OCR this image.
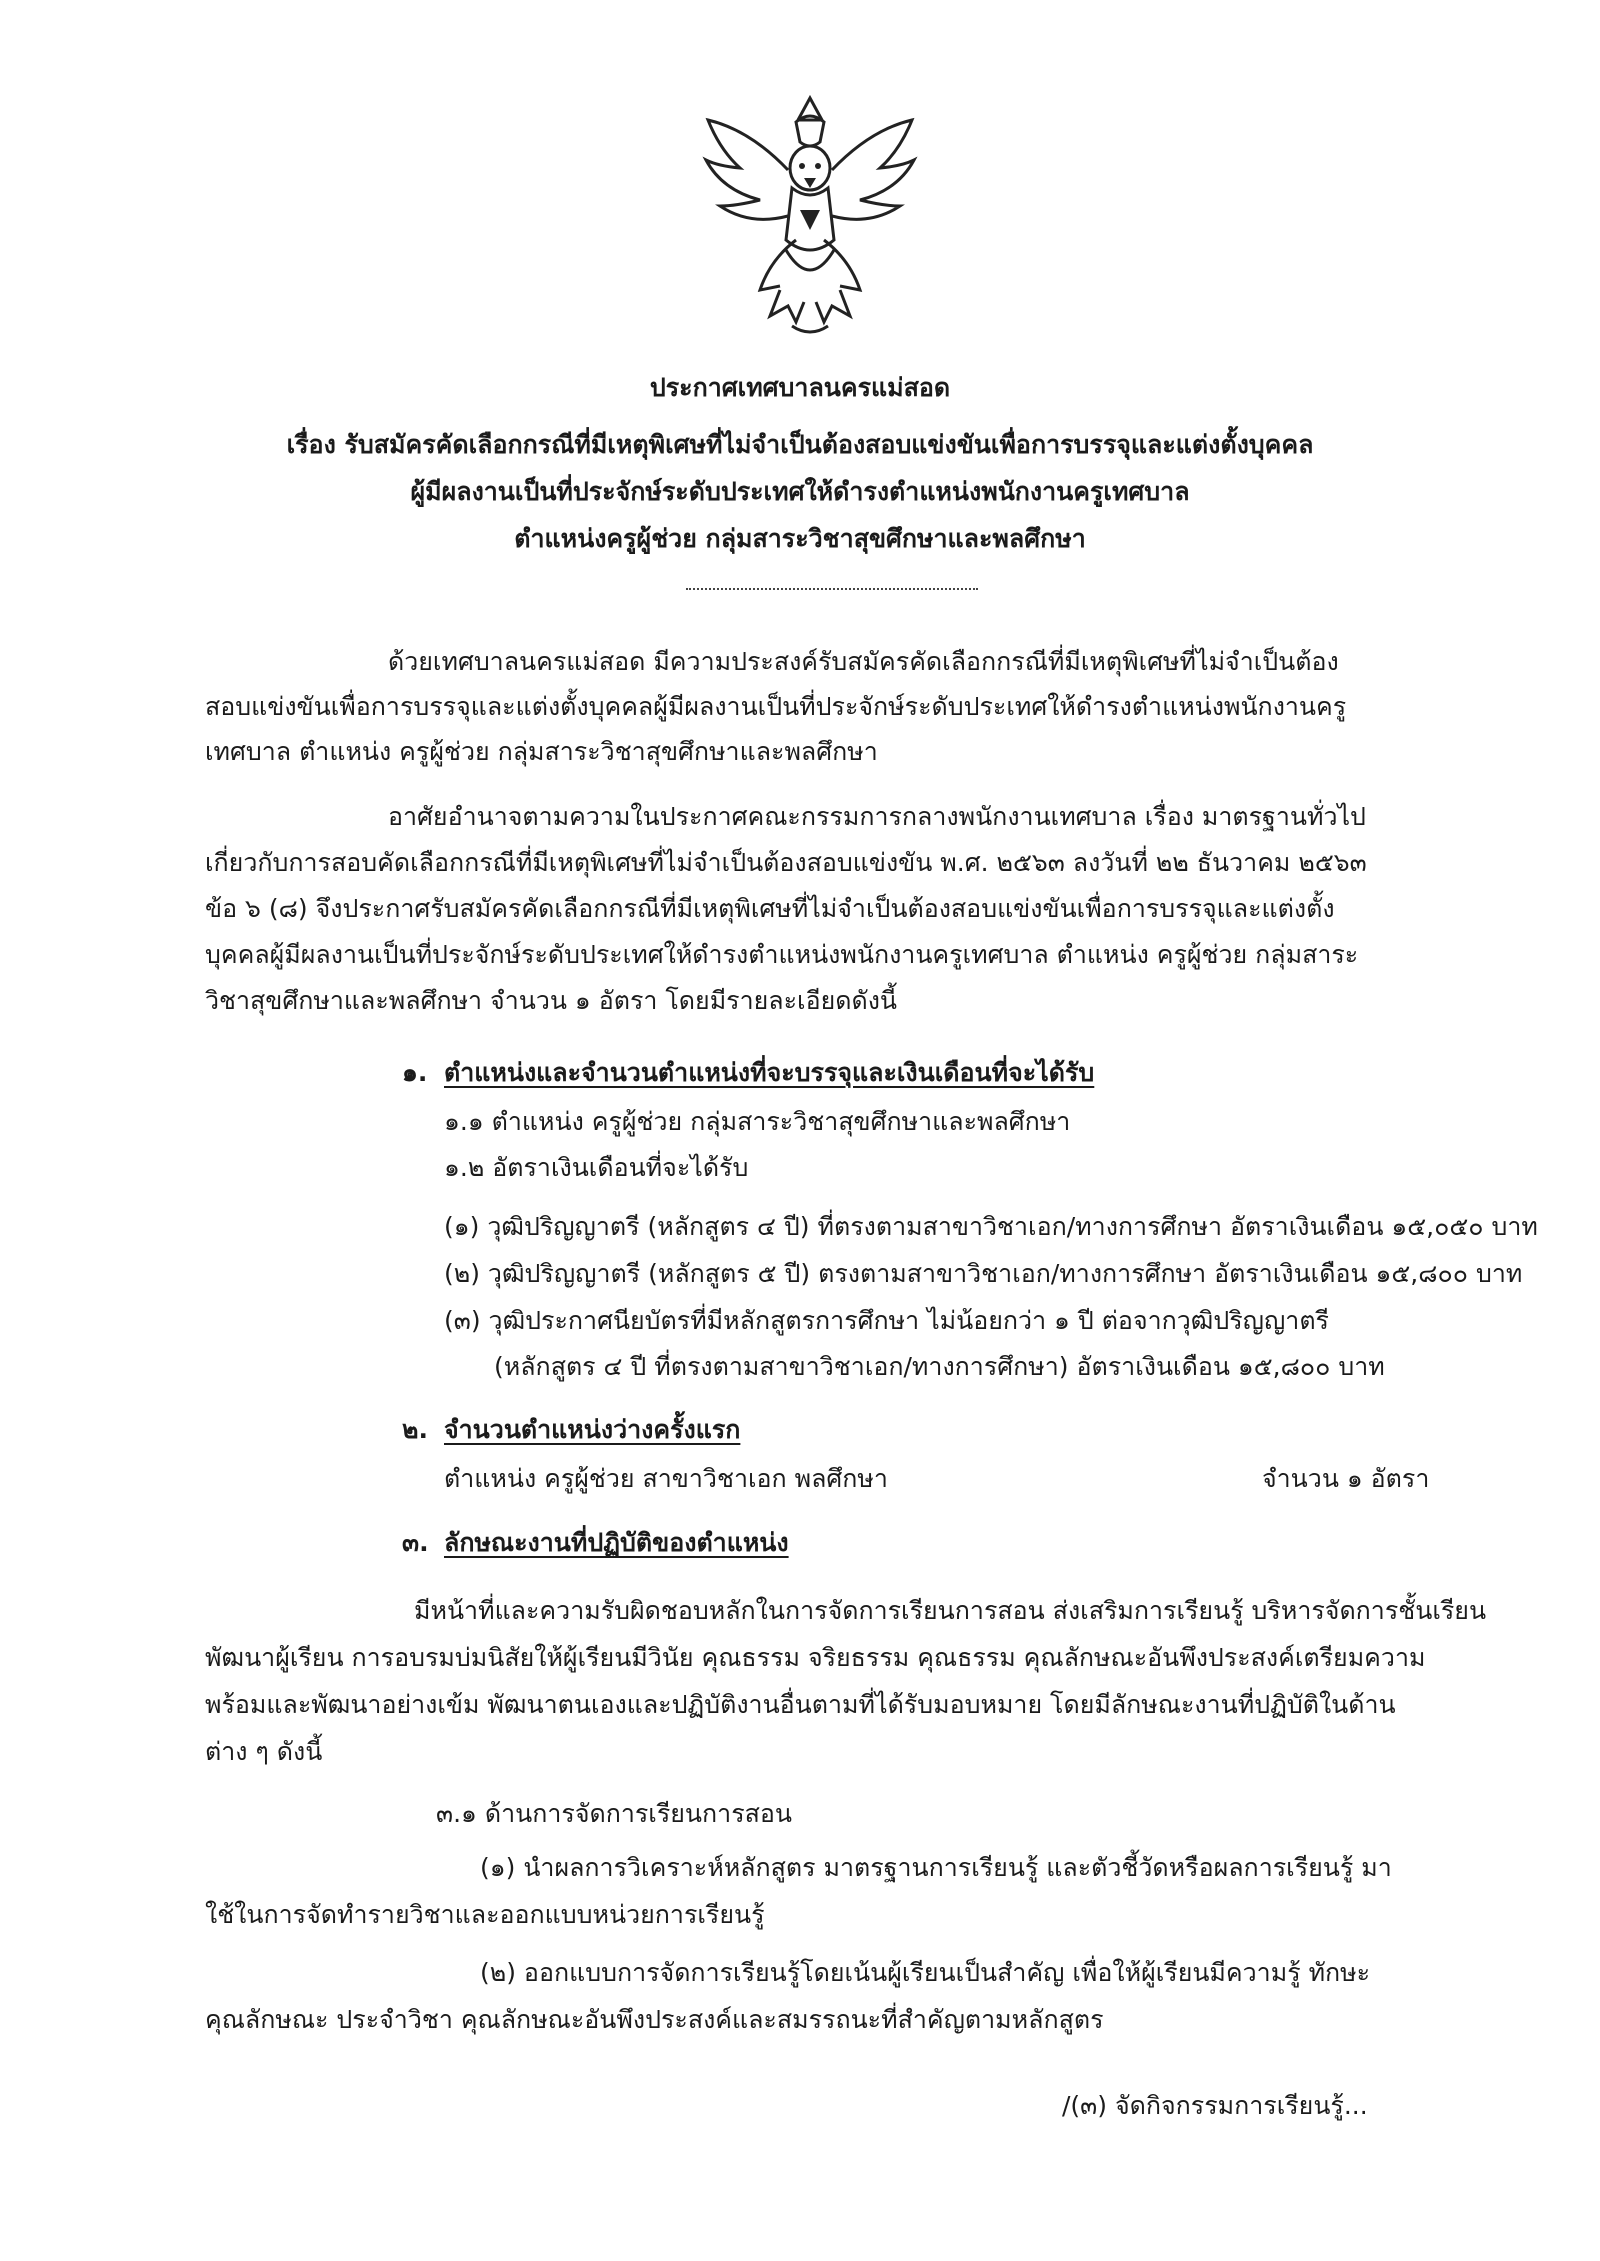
ประกาศเทศบาลนครแม่สอด
เรื่อง รับสมัครคัดเลือกกรณีที่มีเหตุพิเศษที่ไม่จำเป็นต้องสอบแข่งขันเพื่อการบรรจุและแต่งตั้งบุคคล
ผู้มีผลงานเป็นที่ประจักษ์ระดับประเทศให้ดำรงตำแหน่งพนักงานครูเทศบาล
ตำแหน่งครูผู้ช่วย กลุ่มสาระวิชาสุขศึกษาและพลศึกษา
ด้วยเทศบาลนครแม่สอด มีความประสงค์รับสมัครคัดเลือกกรณีที่มีเหตุพิเศษที่ไม่จำเป็นต้อง
สอบแข่งขันเพื่อการบรรจุและแต่งตั้งบุคคลผู้มีผลงานเป็นที่ประจักษ์ระดับประเทศให้ดำรงตำแหน่งพนักงานครู
เทศบาล ตำแหน่ง ครูผู้ช่วย กลุ่มสาระวิชาสุขศึกษาและพลศึกษา
อาศัยอำนาจตามความในประกาศคณะกรรมการกลางพนักงานเทศบาล เรื่อง มาตรฐานทั่วไป
เกี่ยวกับการสอบคัดเลือกกรณีที่มีเหตุพิเศษที่ไม่จำเป็นต้องสอบแข่งขัน พ.ศ. ๒๕๖๓ ลงวันที่ ๒๒ ธันวาคม ๒๕๖๓
ข้อ ๖ (๘) จึงประกาศรับสมัครคัดเลือกกรณีที่มีเหตุพิเศษที่ไม่จำเป็นต้องสอบแข่งขันเพื่อการบรรจุและแต่งตั้ง
บุคคลผู้มีผลงานเป็นที่ประจักษ์ระดับประเทศให้ดำรงตำแหน่งพนักงานครูเทศบาล ตำแหน่ง ครูผู้ช่วย กลุ่มสาระ
วิชาสุขศึกษาและพลศึกษา จำนวน ๑ อัตรา โดยมีรายละเอียดดังนี้
๑. ตำแหน่งและจำนวนตำแหน่งที่จะบรรจุและเงินเดือนที่จะได้รับ
๑.๑ ตำแหน่ง ครูผู้ช่วย กลุ่มสาระวิชาสุขศึกษาและพลศึกษา
๑.๒ อัตราเงินเดือนที่จะได้รับ
(๑) วุฒิปริญญาตรี (หลักสูตร ๔ ปี) ที่ตรงตามสาขาวิชาเอก/ทางการศึกษา อัตราเงินเดือน ๑๕,๐๕๐ บาท
(๒) วุฒิปริญญาตรี (หลักสูตร ๕ ปี) ตรงตามสาขาวิชาเอก/ทางการศึกษา อัตราเงินเดือน ๑๕,๘๐๐ บาท
(๓) วุฒิประกาศนียบัตรที่มีหลักสูตรการศึกษา ไม่น้อยกว่า ๑ ปี ต่อจากวุฒิปริญญาตรี
(หลักสูตร ๔ ปี ที่ตรงตามสาขาวิชาเอก/ทางการศึกษา) อัตราเงินเดือน ๑๕,๘๐๐ บาท
๒. จำนวนตำแหน่งว่างครั้งแรก
ตำแหน่ง ครูผู้ช่วย สาขาวิชาเอก พลศึกษา	จำนวน ๑ อัตรา
๓. ลักษณะงานที่ปฏิบัติของตำแหน่ง
มีหน้าที่และความรับผิดชอบหลักในการจัดการเรียนการสอน ส่งเสริมการเรียนรู้ บริหารจัดการชั้นเรียน
พัฒนาผู้เรียน การอบรมบ่มนิสัยให้ผู้เรียนมีวินัย คุณธรรม จริยธรรม คุณธรรม คุณลักษณะอันพึงประสงค์เตรียมความ
พร้อมและพัฒนาอย่างเข้ม พัฒนาตนเองและปฏิบัติงานอื่นตามที่ได้รับมอบหมาย โดยมีลักษณะงานที่ปฏิบัติในด้าน
ต่าง ๆ ดังนี้
๓.๑ ด้านการจัดการเรียนการสอน
(๑) นำผลการวิเคราะห์หลักสูตร มาตรฐานการเรียนรู้ และตัวชี้วัดหรือผลการเรียนรู้ มา
ใช้ในการจัดทำรายวิชาและออกแบบหน่วยการเรียนรู้
(๒) ออกแบบการจัดการเรียนรู้โดยเน้นผู้เรียนเป็นสำคัญ เพื่อให้ผู้เรียนมีความรู้ ทักษะ
คุณลักษณะ ประจำวิชา คุณลักษณะอันพึงประสงค์และสมรรถนะที่สำคัญตามหลักสูตร
/(๓) จัดกิจกรรมการเรียนรู้...
